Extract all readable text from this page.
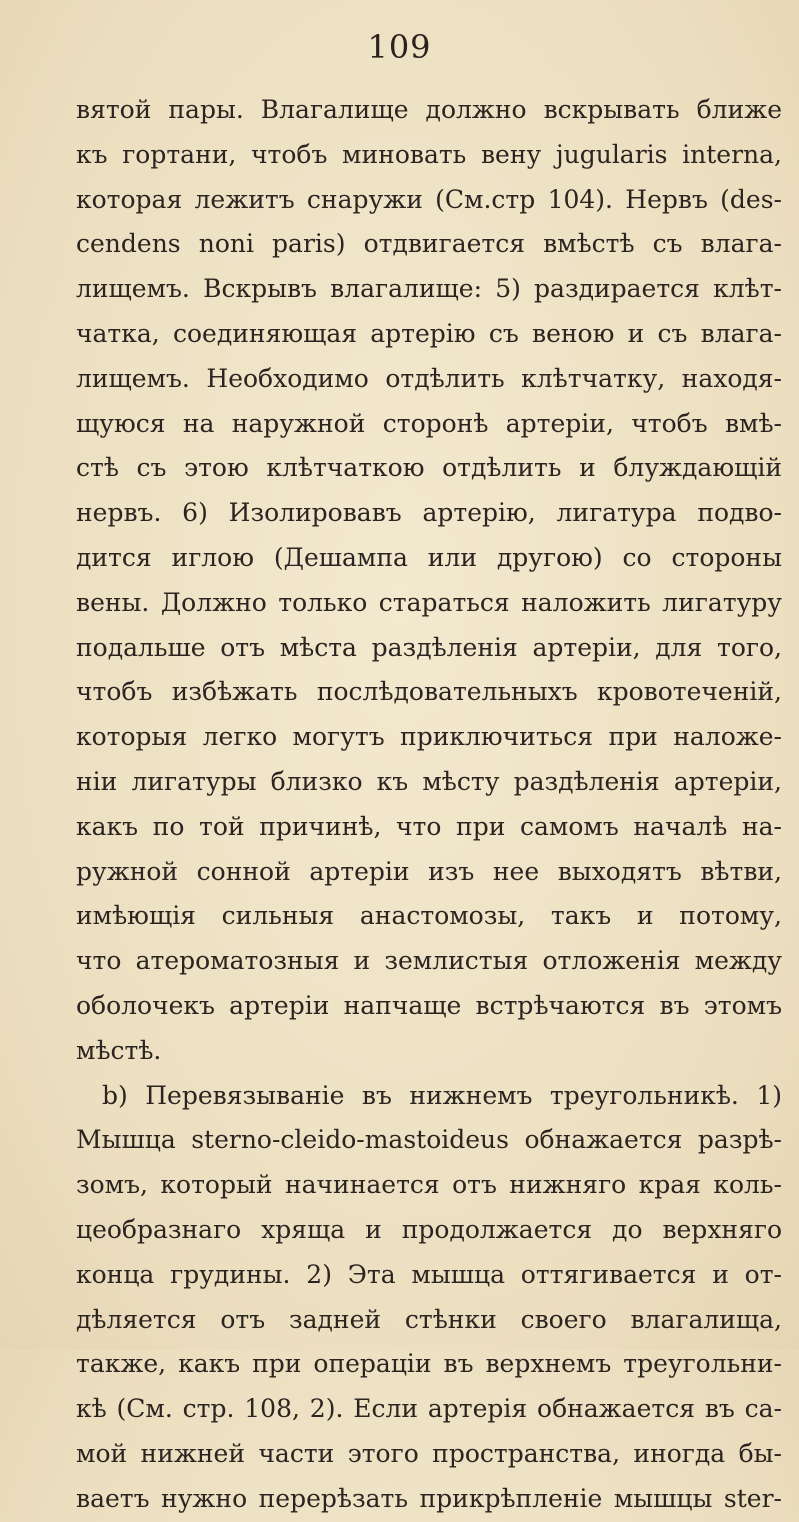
109
вятой пары. Влагалище должно вскрывать ближе
къ гортани, чтобъ миновать вену jugularis interna,
которая лежитъ снаружи (См.стр 104). Нервъ (des-
cendens noni paris) отдвигается вмѣстѣ съ влага-
лищемъ. Вскрывъ влагалище: 5) раздирается клѣт-
чатка, соединяющая артерію съ веною и съ влага-
лищемъ. Необходимо отдѣлить клѣтчатку, находя-
щуюся на наружной сторонѣ артеріи, чтобъ вмѣ-
стѣ съ этою клѣтчаткою отдѣлить и блуждающій
нервъ. 6) Изолировавъ артерію, лигатура подво-
дится иглою (Дешампа или другою) со стороны
вены. Должно только стараться наложить лигатуру
подальше отъ мѣста раздѣленія артеріи, для того,
чтобъ избѣжать послѣдовательныхъ кровотеченій,
которыя легко могутъ приключиться при наложе-
ніи лигатуры близко къ мѣсту раздѣленія артеріи,
какъ по той причинѣ, что при самомъ началѣ на-
ружной сонной артеріи изъ нее выходятъ вѣтви,
имѣющія сильныя анастомозы, такъ и потому,
что атероматозныя и землистыя отложенія между
оболочекъ артеріи напчаще встрѣчаются въ этомъ
мѣстѣ.
b) Перевязываніе въ нижнемъ треугольникѣ. 1)
Мышца sterno-cleido-mastoideus обнажается разрѣ-
зомъ, который начинается отъ нижняго края коль-
цеобразнаго хряща и продолжается до верхняго
конца грудины. 2) Эта мышца оттягивается и от-
дѣляется отъ задней стѣнки своего влагалища,
также, какъ при операціи въ верхнемъ треугольни-
кѣ (См. стр. 108, 2). Если артерія обнажается въ са-
мой нижней части этого пространства, иногда бы-
ваетъ нужно перерѣзать прикрѣпленіе мышцы ster-
